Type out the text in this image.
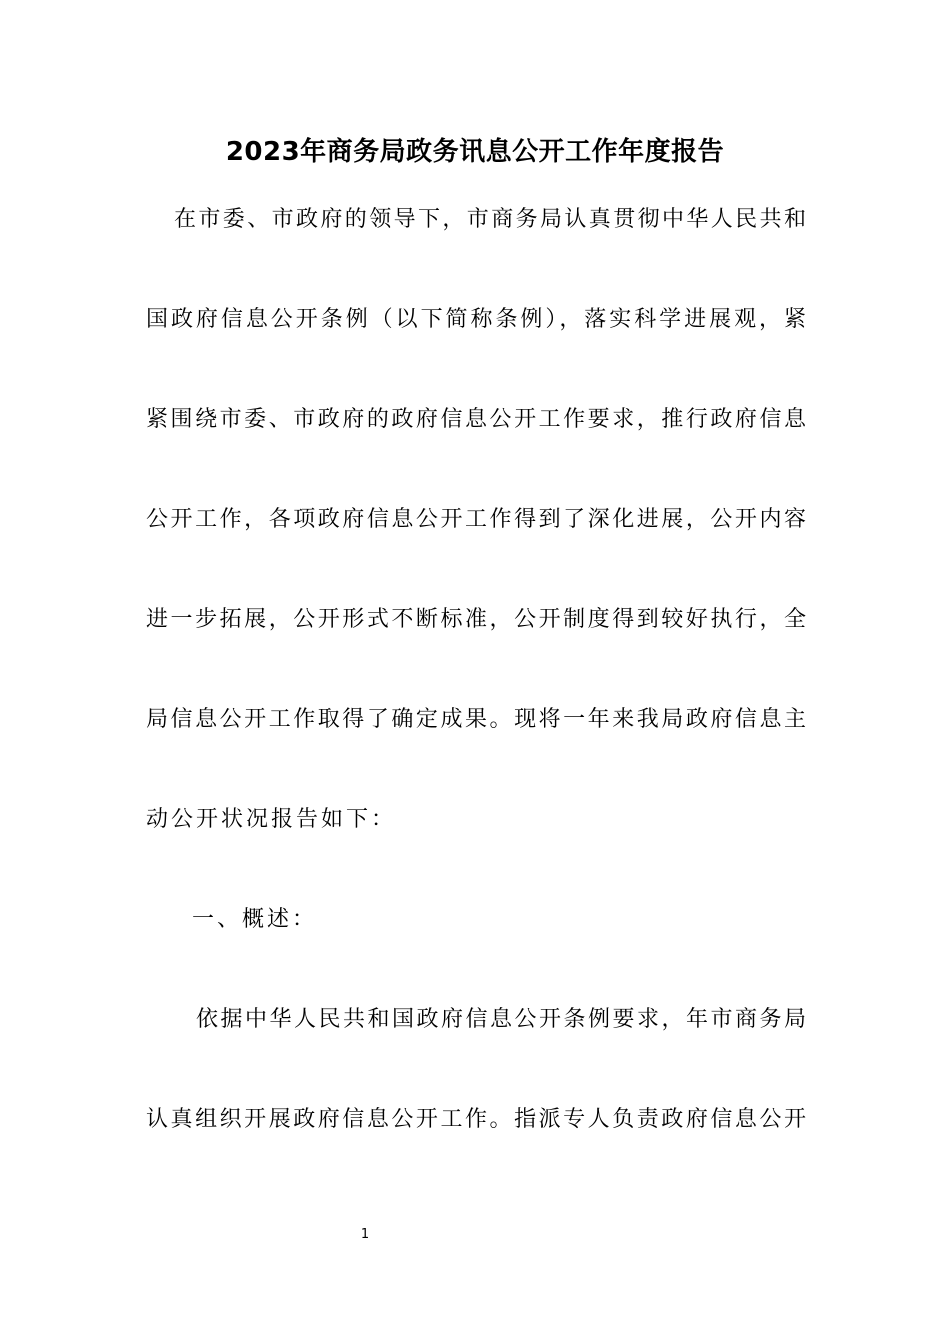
2023年商务局政务讯息公开工作年度报告
在市委、市政府的领导下，市商务局认真贯彻中华人民共和
国政府信息公开条例（以下简称条例），落实科学进展观，紧
紧围绕市委、市政府的政府信息公开工作要求，推行政府信息
公开工作，各项政府信息公开工作得到了深化进展，公开内容
进一步拓展，公开形式不断标准，公开制度得到较好执行，全
局信息公开工作取得了确定成果。现将一年来我局政府信息主
动公开状况报告如下：
一、概述：
依据中华人民共和国政府信息公开条例要求，年市商务局
认真组织开展政府信息公开工作。指派专人负责政府信息公开
1
